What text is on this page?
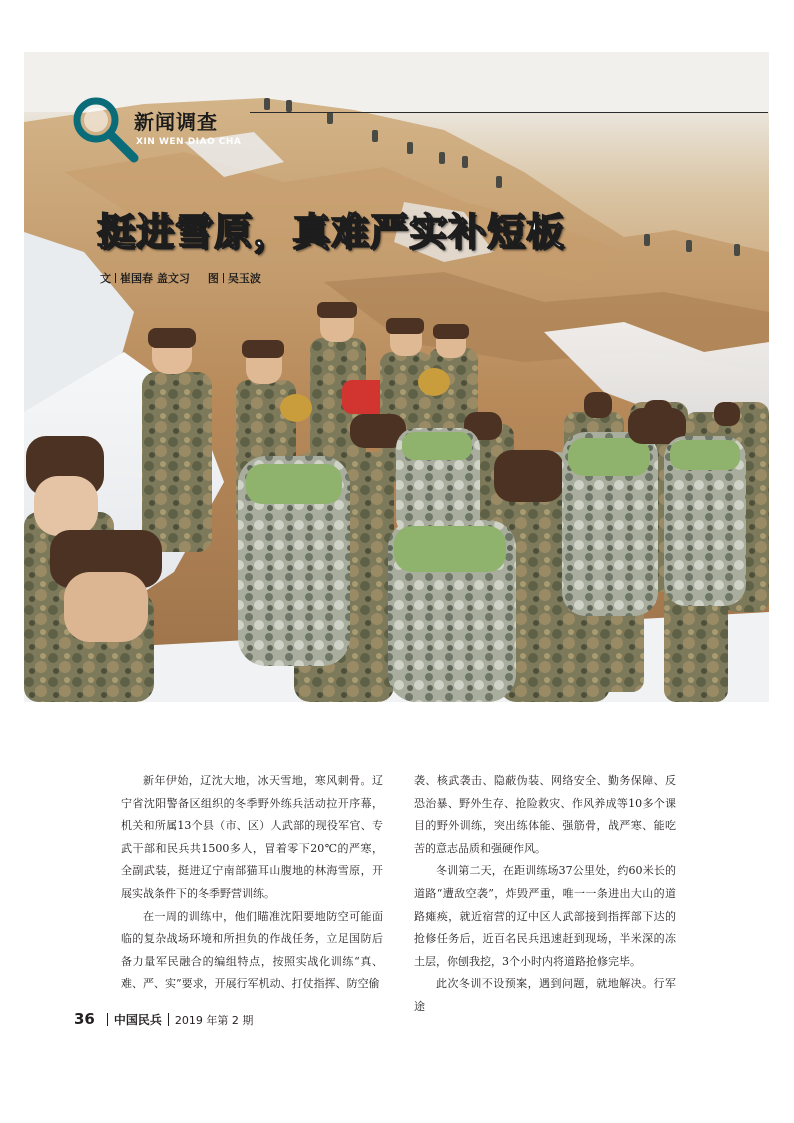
新闻调查
XIN WEN DIAO CHA
挺进雪原，真难严实补短板
文 崔国春 盖文习 图 吴玉波

新年伊始，辽沈大地，冰天雪地，寒风刺骨。辽宁省沈阳警备区组织的冬季野外练兵活动拉开序幕，机关和所属13个县（市、区）人武部的现役军官、专武干部和民兵共1500多人，冒着零下20℃的严寒，全副武装，挺进辽宁南部猫耳山腹地的林海雪原，开展实战条件下的冬季野营训练。

在一周的训练中，他们瞄准沈阳要地防空可能面临的复杂战场环境和所担负的作战任务，立足国防后备力量军民融合的编组特点，按照实战化训练“真、难、严、实”要求，开展行军机动、打仗指挥、防空偷

袭、核武袭击、隐蔽伪装、网络安全、勤务保障、反恐治暴、野外生存、抢险救灾、作风养成等10多个课目的野外训练，突出练体能、强筋骨，战严寒、能吃苦的意志品质和强硬作风。

冬训第二天，在距训练场37公里处，约60米长的道路“遭敌空袭”，炸毁严重，唯一一条进出大山的道路瘫痪，就近宿营的辽中区人武部接到指挥部下达的抢修任务后，近百名民兵迅速赶到现场，半米深的冻土层，你刨我挖，3个小时内将道路抢修完毕。

此次冬训不设预案，遇到问题，就地解决。行军途

36 中国民兵 2019 年第 2 期
